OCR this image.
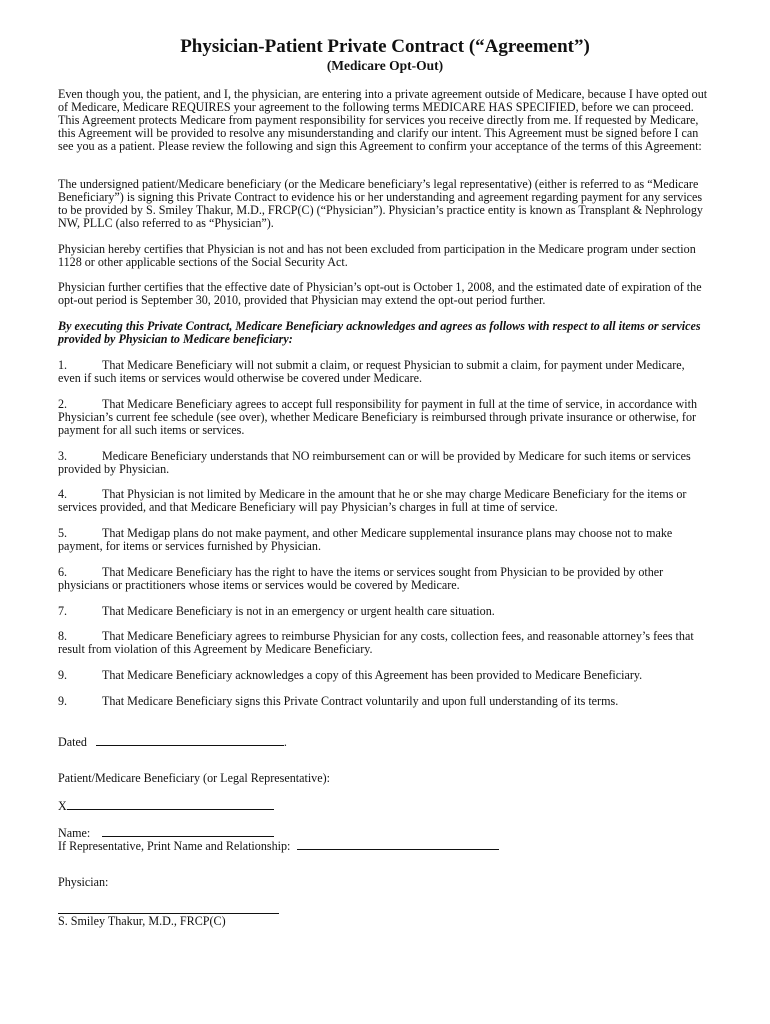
Physician-Patient Private Contract (“Agreement”)
(Medicare Opt-Out)

Even though you, the patient, and I, the physician, are entering into a private agreement outside of Medicare, because I have opted out of Medicare, Medicare REQUIRES your agreement to the following terms MEDICARE HAS SPECIFIED, before we can proceed. This Agreement protects Medicare from payment responsibility for services you receive directly from me. If requested by Medicare, this Agreement will be provided to resolve any misunderstanding and clarify our intent. This Agreement must be signed before I can see you as a patient. Please review the following and sign this Agreement to confirm your acceptance of the terms of this Agreement:

The undersigned patient/Medicare beneficiary (or the Medicare beneficiary’s legal representative) (either is referred to as “Medicare Beneficiary”) is signing this Private Contract to evidence his or her understanding and agreement regarding payment for any services to be provided by S. Smiley Thakur, M.D., FRCP(C) (“Physician”). Physician’s practice entity is known as Transplant & Nephrology NW, PLLC (also referred to as “Physician”).

Physician hereby certifies that Physician is not and has not been excluded from participation in the Medicare program under section 1128 or other applicable sections of the Social Security Act.

Physician further certifies that the effective date of Physician’s opt-out is October 1, 2008, and the estimated date of expiration of the opt-out period is September 30, 2010, provided that Physician may extend the opt-out period further.

By executing this Private Contract, Medicare Beneficiary acknowledges and agrees as follows with respect to all items or services provided by Physician to Medicare beneficiary:

1.	That Medicare Beneficiary will not submit a claim, or request Physician to submit a claim, for payment under Medicare, even if such items or services would otherwise be covered under Medicare.
2.	That Medicare Beneficiary agrees to accept full responsibility for payment in full at the time of service, in accordance with Physician’s current fee schedule (see over), whether Medicare Beneficiary is reimbursed through private insurance or otherwise, for payment for all such items or services.
3.	Medicare Beneficiary understands that NO reimbursement can or will be provided by Medicare for such items or services provided by Physician.
4.	That Physician is not limited by Medicare in the amount that he or she may charge Medicare Beneficiary for the items or services provided, and that Medicare Beneficiary will pay Physician’s charges in full at time of service.
5.	That Medigap plans do not make payment, and other Medicare supplemental insurance plans may choose not to make payment, for items or services furnished by Physician.
6.	That Medicare Beneficiary has the right to have the items or services sought from Physician to be provided by other physicians or practitioners whose items or services would be covered by Medicare.
7.	That Medicare Beneficiary is not in an emergency or urgent health care situation.
8.	That Medicare Beneficiary agrees to reimburse Physician for any costs, collection fees, and reasonable attorney’s fees that result from violation of this Agreement by Medicare Beneficiary.
9.	That Medicare Beneficiary acknowledges a copy of this Agreement has been provided to Medicare Beneficiary.
9.	That Medicare Beneficiary signs this Private Contract voluntarily and upon full understanding of its terms.
Dated	.
Patient/Medicare Beneficiary (or Legal Representative):
X
Name:
If Representative, Print Name and Relationship:
Physician:
S. Smiley Thakur, M.D., FRCP(C)
